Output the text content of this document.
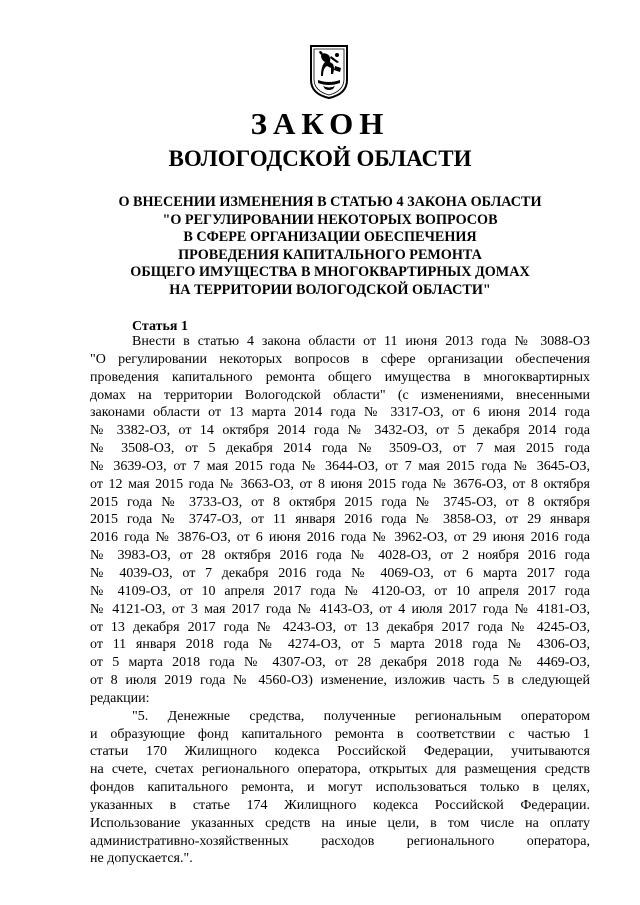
ЗАКОН
ВОЛОГОДСКОЙ ОБЛАСТИ
О ВНЕСЕНИИ ИЗМЕНЕНИЯ В СТАТЬЮ 4 ЗАКОНА ОБЛАСТИ
"О РЕГУЛИРОВАНИИ НЕКОТОРЫХ ВОПРОСОВ
В СФЕРЕ ОРГАНИЗАЦИИ ОБЕСПЕЧЕНИЯ
ПРОВЕДЕНИЯ КАПИТАЛЬНОГО РЕМОНТА
ОБЩЕГО ИМУЩЕСТВА В МНОГОКВАРТИРНЫХ ДОМАХ
НА ТЕРРИТОРИИ ВОЛОГОДСКОЙ ОБЛАСТИ"
Статья 1
Внести в статью 4 закона области от 11 июня 2013 года № 3088-ОЗ
"О регулировании некоторых вопросов в сфере организации обеспечения
проведения капитального ремонта общего имущества в многоквартирных
домах на территории Вологодской области" (с изменениями, внесенными
законами области от 13 марта 2014 года № 3317-ОЗ, от 6 июня 2014 года
№ 3382-ОЗ, от 14 октября 2014 года № 3432-ОЗ, от 5 декабря 2014 года
№ 3508-ОЗ, от 5 декабря 2014 года № 3509-ОЗ, от 7 мая 2015 года
№ 3639-ОЗ, от 7 мая 2015 года № 3644-ОЗ, от 7 мая 2015 года № 3645-ОЗ,
от 12 мая 2015 года № 3663-ОЗ, от 8 июня 2015 года № 3676-ОЗ, от 8 октября
2015 года № 3733-ОЗ, от 8 октября 2015 года № 3745-ОЗ, от 8 октября
2015 года № 3747-ОЗ, от 11 января 2016 года № 3858-ОЗ, от 29 января
2016 года № 3876-ОЗ, от 6 июня 2016 года № 3962-ОЗ, от 29 июня 2016 года
№ 3983-ОЗ, от 28 октября 2016 года № 4028-ОЗ, от 2 ноября 2016 года
№ 4039-ОЗ, от 7 декабря 2016 года № 4069-ОЗ, от 6 марта 2017 года
№ 4109-ОЗ, от 10 апреля 2017 года № 4120-ОЗ, от 10 апреля 2017 года
№ 4121-ОЗ, от 3 мая 2017 года № 4143-ОЗ, от 4 июля 2017 года № 4181-ОЗ,
от 13 декабря 2017 года № 4243-ОЗ, от 13 декабря 2017 года № 4245-ОЗ,
от 11 января 2018 года № 4274-ОЗ, от 5 марта 2018 года № 4306-ОЗ,
от 5 марта 2018 года № 4307-ОЗ, от 28 декабря 2018 года № 4469-ОЗ,
от 8 июля 2019 года № 4560-ОЗ) изменение, изложив часть 5 в следующей
редакции:
"5. Денежные средства, полученные региональным оператором
и образующие фонд капитального ремонта в соответствии с частью 1
статьи 170 Жилищного кодекса Российской Федерации, учитываются
на счете, счетах регионального оператора, открытых для размещения средств
фондов капитального ремонта, и могут использоваться только в целях,
указанных в статье 174 Жилищного кодекса Российской Федерации.
Использование указанных средств на иные цели, в том числе на оплату
административно-хозяйственных расходов регионального оператора,
не допускается.".
